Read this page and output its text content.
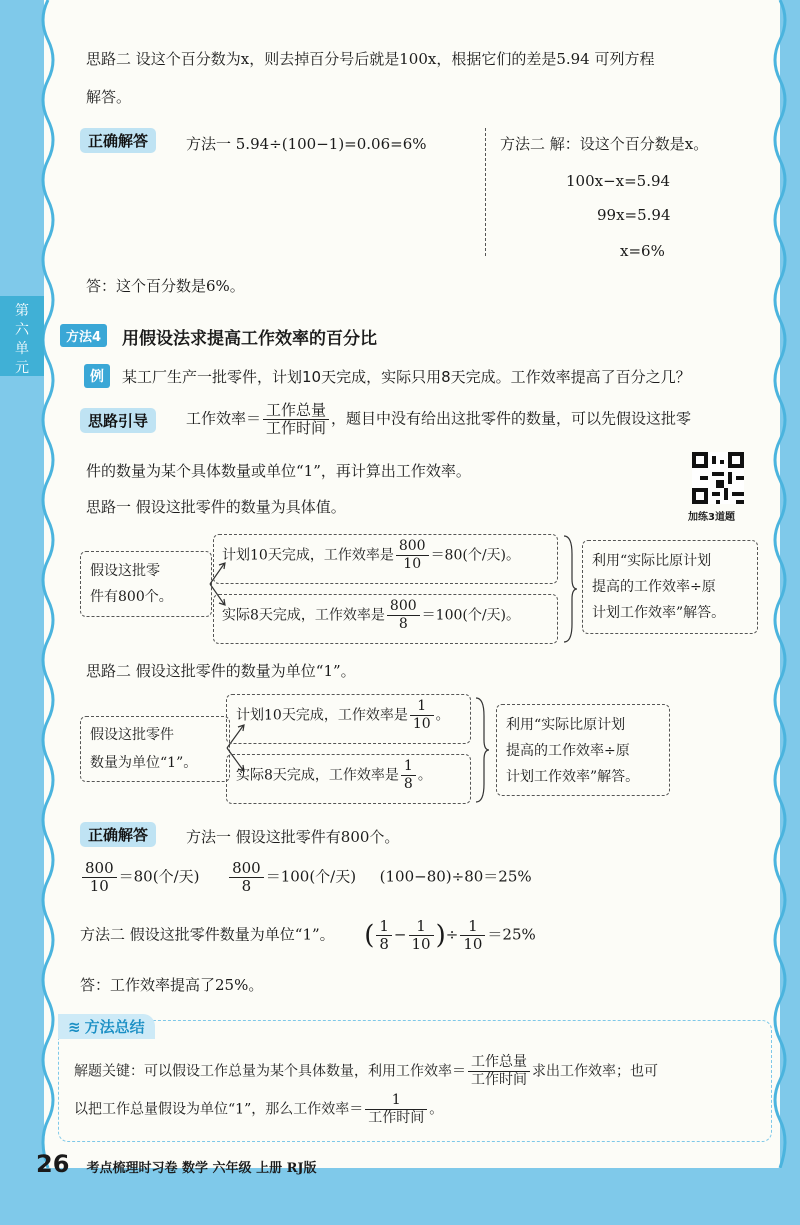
第
六
单
元
思路二 设这个百分数为x，则去掉百分号后就是100x，根据它们的差是5.94 可列方程
解答。
正确解答	方法一 5.94÷(100−1)=0.06=6%	方法二 解：设这个百分数是x。
100x−x=5.94
99x=5.94
x=6%
答：这个百分数是6%。
方法4	用假设法求提高工作效率的百分比
例	某工厂生产一批零件，计划10天完成，实际只用8天完成。工作效率提高了百分之几？
思路引导	工作效率＝ $\frac{\text{工作总量}}{\text{工作时间}}$ ，题目中没有给出这批零件的数量，可以先假设这批零
件的数量为某个具体数量或单位“1”，再计算出工作效率。
加练3道题
思路一 假设这批零件的数量为具体值。
假设这批零
件有800个。
计划10天完成，工作效率是 $\frac{800}{10} =80$(个/天)。
实际8天完成，工作效率是 $\frac{800}{8} =100$(个/天)。
利用“实际比原计划
提高的工作效率÷原
计划工作效率”解答。
思路二 假设这批零件的数量为单位“1”。
假设这批零件
数量为单位“1”。
计划10天完成，工作效率是 $\frac{1}{10}$ 。
实际8天完成，工作效率是 $\frac{1}{8}$ 。
利用“实际比原计划
提高的工作效率÷原
计划工作效率”解答。
正确解答	方法一 假设这批零件有800个。
$\frac{800}{10} =80$(个/天) $\frac{800}{8} =100$(个/天) (100−80)÷80＝25%
方法二 假设这批零件数量为单位“1”。 ( $\frac{1}{8} - \frac{1}{10}$ )÷ $\frac{1}{10} =25\%$
答：工作效率提高了25%。
≋ 方法总结
解题关键：可以假设工作总量为某个具体数量，利用工作效率＝ $\frac{\text{工作总量}}{\text{工作时间}}$ 求出工作效率；也可
以把工作总量假设为单位“1”，那么工作效率＝ $\frac{1}{\text{工作时间}}$ 。
26 考点梳理时习卷 数学 六年级 上册 RJ版
